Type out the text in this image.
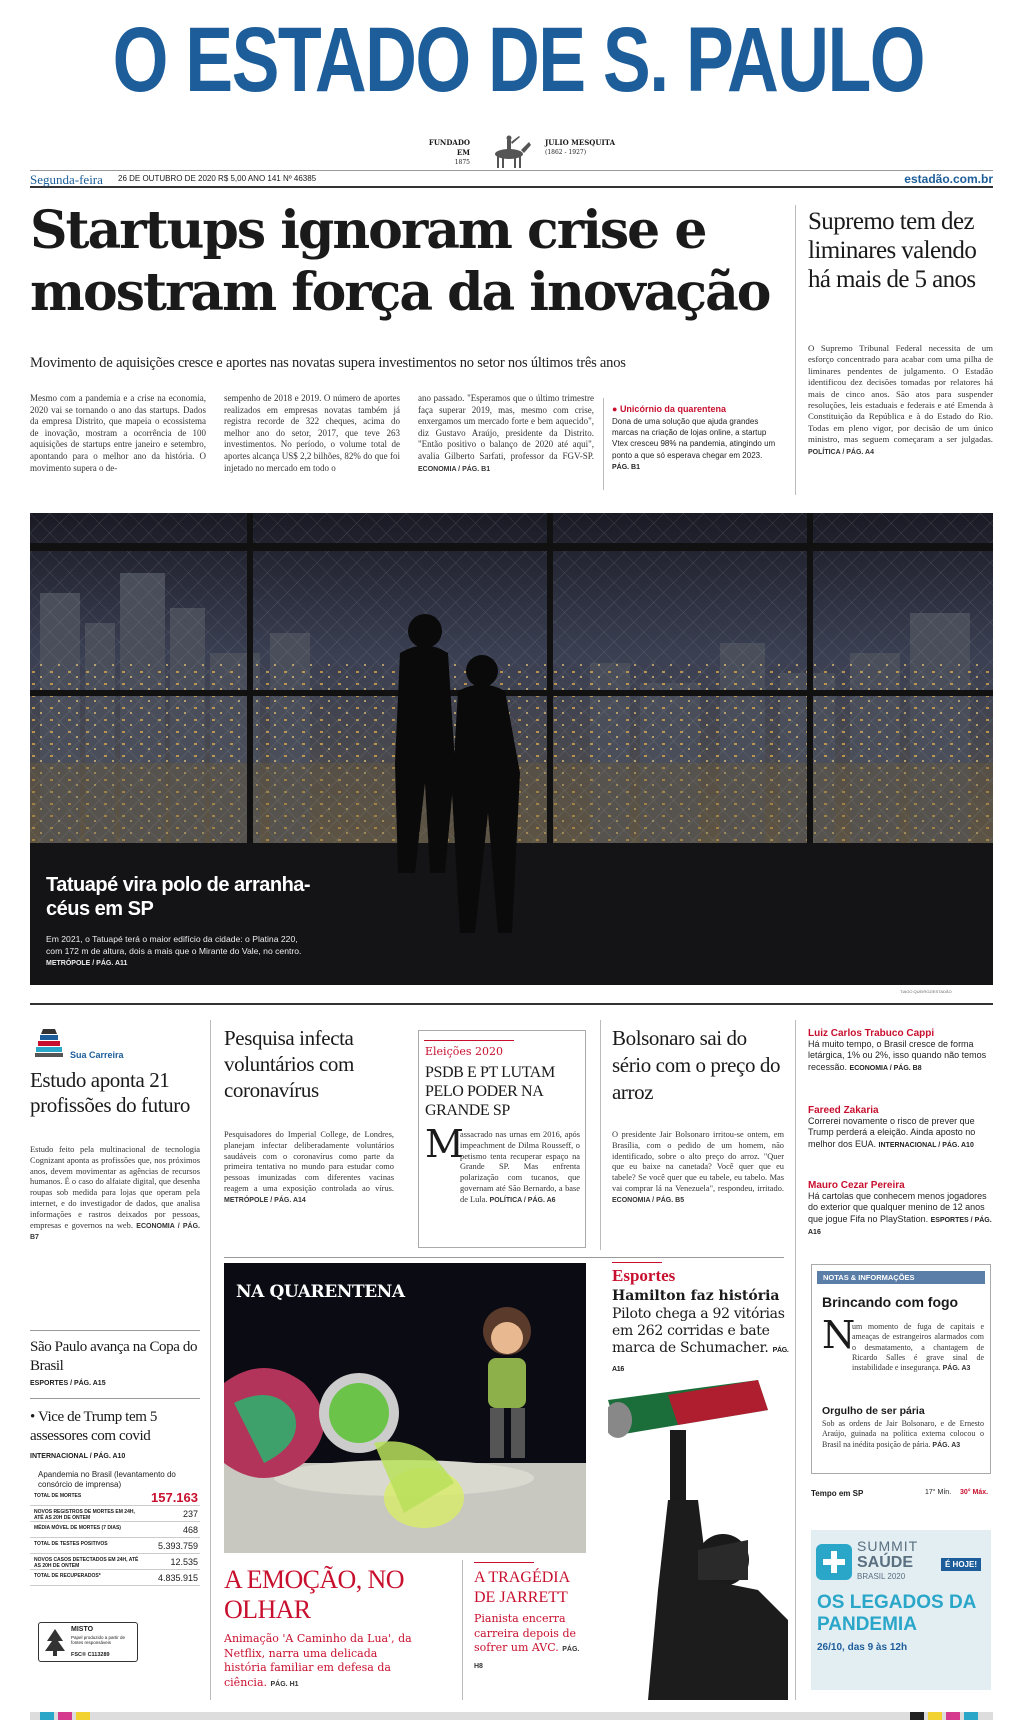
O ESTADO DE S. PAULO
FUNDADO EM
1875
JULIO MESQUITA
(1862 - 1927)
Segunda-feira 26 DE OUTUBRO DE 2020 R$ 5,00 ANO 141 Nº 46385	estadão.com.br
Startups ignoram crise e
mostram força da inovação
Movimento de aquisições cresce e aportes nas novatas supera investimentos no setor nos últimos três anos
Mesmo com a pandemia e a crise na economia, 2020 vai se tornando o ano das startups. Dados da empresa Distrito, que mapeia o ecossistema de inovação, mostram a ocorrência de 100 aquisições de startups entre janeiro e setembro, apontando para o melhor ano da história. O movimento supera o de-
sempenho de 2018 e 2019. O número de aportes realizados em empresas novatas também já registra recorde de 322 cheques, acima do melhor ano do setor, 2017, que teve 263 investimentos. No período, o volume total de aportes alcança US$ 2,2 bilhões, 82% do que foi injetado no mercado em todo o
ano passado. "Esperamos que o último trimestre faça superar 2019, mas, mesmo com crise, enxergamos um mercado forte e bem aquecido", diz Gustavo Araújo, presidente da Distrito. "Então positivo o balanço de 2020 até aqui", avalia Gilberto Sarfati, professor da FGV-SP. ECONOMIA / PÁG. B1
● Unicórnio da quarentena
Dona de uma solução que ajuda grandes marcas na criação de lojas online, a startup Vtex cresceu 98% na pandemia, atingindo um ponto a que só esperava chegar em 2023. PÁG. B1
Supremo tem dez liminares valendo há mais de 5 anos
O Supremo Tribunal Federal necessita de um esforço concentrado para acabar com uma pilha de liminares pendentes de julgamento. O Estadão identificou dez decisões tomadas por relatores há mais de cinco anos. São atos para suspender resoluções, leis estaduais e federais e até Emenda à Constituição da República e à do Estado do Rio. Todas em pleno vigor, por decisão de um único ministro, mas seguem começaram a ser julgadas. POLÍTICA / PÁG. A4
Tatuapé vira polo de arranha-céus em SP
Em 2021, o Tatuapé terá o maior edifício da cidade: o Platina 220, com 172 m de altura, dois a mais que o Mirante do Vale, no centro. METRÓPOLE / PÁG. A11
TIAGO QUEIROZ/ESTADÃO
Sua Carreira
Estudo aponta 21 profissões do futuro
Estudo feito pela multinacional de tecnologia Cognizant aponta as profissões que, nos próximos anos, devem movimentar as agências de recursos humanos. É o caso do alfaiate digital, que desenha roupas sob medida para lojas que operam pela internet, e do investigador de dados, que analisa informações e rastros deixados por pessoas, empresas e governos na web. ECONOMIA / PÁG. B7
São Paulo avança na Copa do Brasil
ESPORTES / PÁG. A15
• Vice de Trump tem 5 assessores com covid
INTERNACIONAL / PÁG. A10
Apandemia no Brasil (levantamento do consórcio de imprensa)
TOTAL DE MORTES	157.163
NOVOS REGISTROS DE MORTES EM 24H, ATÉ AS 20H DE ONTEM	237
MÉDIA MÓVEL DE MORTES (7 DIAS)	468
TOTAL DE TESTES POSITIVOS	5.393.759
NOVOS CASOS DETECTADOS EM 24H, ATÉ AS 20H DE ONTEM	12.535
TOTAL DE RECUPERADOS*	4.835.915
MISTO
Papel produzido a partir de fontes responsáveis
FSC® C113289
Pesquisa infecta voluntários com coronavírus
Pesquisadores do Imperial College, de Londres, planejam infectar deliberadamente voluntários saudáveis com o coronavírus como parte da primeira tentativa no mundo para estudar como pessoas imunizadas com diferentes vacinas reagem a uma exposição controlada ao vírus. METRÓPOLE / PÁG. A14
Eleições 2020
PSDB E PT LUTAM PELO PODER NA GRANDE SP
M
assacrado nas urnas em 2016, após impeachment de Dilma Rousseff, o petismo tenta recuperar espaço na Grande SP. Mas enfrenta polarização com tucanos, que governam até São Bernardo, a base de Lula. POLÍTICA / PÁG. A6
Bolsonaro sai do sério com o preço do arroz
O presidente Jair Bolsonaro irritou-se ontem, em Brasília, com o pedido de um homem, não identificado, sobre o alto preço do arroz. "Quer que eu baixe na canetada? Você quer que eu tabele? Se você quer que eu tabele, eu tabelo. Mas vai comprar lá na Venezuela", respondeu, irritado. ECONOMIA / PÁG. B5
Luiz Carlos Trabuco Cappi
Há muito tempo, o Brasil cresce de forma letárgica, 1% ou 2%, isso quando não temos recessão. ECONOMIA / PÁG. B8
Fareed Zakaria
Correrei novamente o risco de prever que Trump perderá a eleição. Ainda aposto no melhor dos EUA. INTERNACIONAL / PÁG. A10
Mauro Cezar Pereira
Há cartolas que conhecem menos jogadores do exterior que qualquer menino de 12 anos que jogue Fifa no PlayStation. ESPORTES / PÁG. A16
NA QUARENTENA
A EMOÇÃO, NO OLHAR
Animação 'A Caminho da Lua', da Netflix, narra uma delicada história familiar em defesa da ciência. PÁG. H1
A TRAGÉDIA DE JARRETT
Pianista encerra carreira depois de sofrer um AVC. PÁG. H8
Esportes
Hamilton faz história
Piloto chega a 92 vitórias em 262 corridas e bate marca de Schumacher. PÁG. A16
NOTAS & INFORMAÇÕES
Brincando com fogo
N
um momento de fuga de capitais e ameaças de estrangeiros alarmados com o desmatamento, a chantagem de Ricardo Salles é grave sinal de instabilidade e insegurança. PÁG. A3
Orgulho de ser pária
Sob as ordens de Jair Bolsonaro, e de Ernesto Araújo, guinada na política externa colocou o Brasil na inédita posição de pária. PÁG. A3
Tempo em SP	17° Mín. 30° Máx.
SUMMIT
SAÚDE
BRASIL 2020
É HOJE!
OS LEGADOS DA PANDEMIA
26/10, das 9 às 12h
